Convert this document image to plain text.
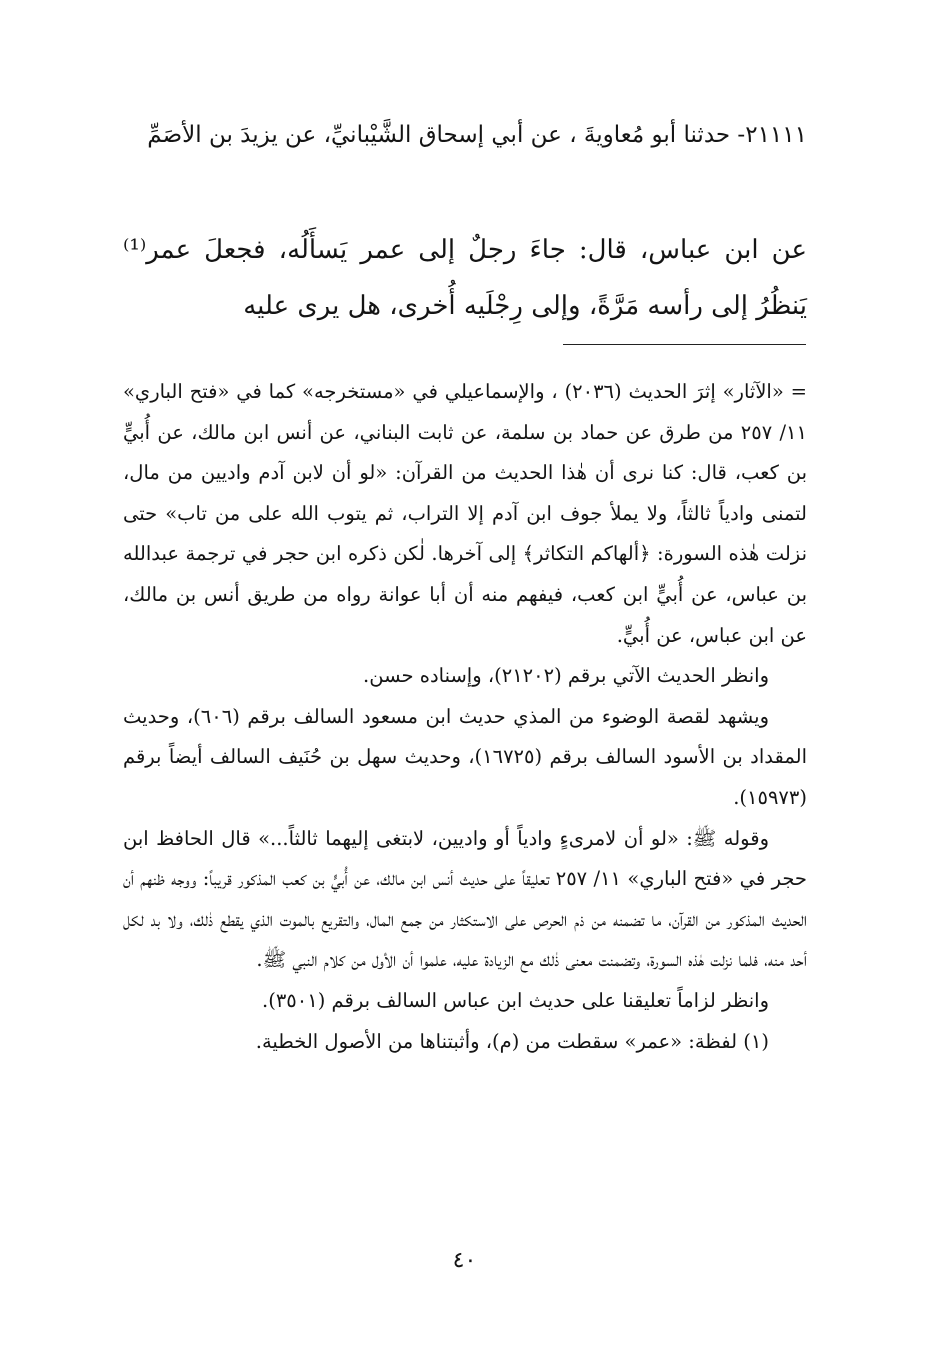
٢١١١١- حدثنا أبو مُعاويةَ ، عن أبي إسحاق الشَّيْبانيِّ، عن يزيدَ بن الأصَمِّ
عن ابن عباس، قال: جاءَ رجلٌ إلى عمر يَسأَلُه، فجعلَ عمر⁽¹⁾ يَنظُرُ إلى رأسه مَرَّةً، وإلى رِجْلَيه أُخرى، هل يرى عليه

= «الآثار» إثرَ الحديث (٢٠٣٦) ، والإسماعيلي في «مستخرجه» كما في «فتح الباري» ١١/ ٢٥٧ من طرق عن حماد بن سلمة، عن ثابت البناني، عن أنس ابن مالك، عن أُبيٍّ بن كعب، قال: كنا نرى أن هٰذا الحديث من القرآن: «لو أن لابن آدم واديين من مال، لتمنى وادياً ثالثاً، ولا يملأ جوف ابن آدم إلا التراب، ثم يتوب الله على من تاب» حتى نزلت هٰذه السورة: ﴿ألهاكم التكاثر﴾ إلى آخرها. لٰكن ذكره ابن حجر في ترجمة عبدالله بن عباس، عن أُبيٍّ ابن كعب، فيفهم منه أن أبا عوانة رواه من طريق أنس بن مالك، عن ابن عباس، عن أُبيٍّ.

وانظر الحديث الآتي برقم (٢١٢٠٢)، وإسناده حسن.

ويشهد لقصة الوضوء من المذي حديث ابن مسعود السالف برقم (٦٠٦)، وحديث المقداد بن الأسود السالف برقم (١٦٧٢٥)، وحديث سهل بن حُنَيف السالف أيضاً برقم (١٥٩٧٣).

وقوله ﷺ: «لو أن لامرىءٍ وادياً أو واديين، لابتغى إليهما ثالثاً...» قال الحافظ ابن حجر في «فتح الباري» ١١/ ٢٥٧ تعليقاً على حديث أنس ابن مالك، عن أُبيٍّ بن كعب المذكور قريباً: ووجه ظنهم أن الحديث المذكور من القرآن، ما تضمنه من ذم الحرص على الاستكثار من جمع المال، والتقريع بالموت الذي يقطع ذٰلك، ولا بد لكل أحد منه، فلما نزلت هٰذه السورة، وتضمنت معنى ذٰلك مع الزيادة عليه، علموا أن الأول من كلام النبي ﷺ.

وانظر لزاماً تعليقنا على حديث ابن عباس السالف برقم (٣٥٠١).

(١) لفظة: «عمر» سقطت من (م)، وأثبتناها من الأصول الخطية.

٤٠
